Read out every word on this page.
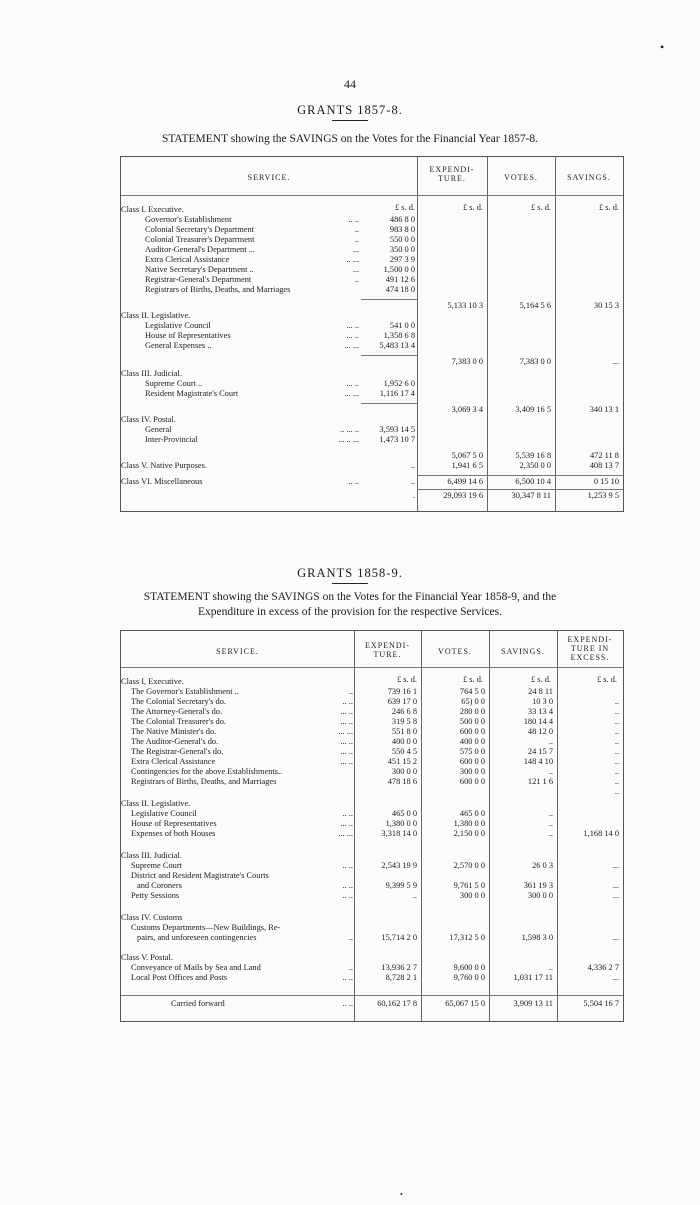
44
GRANTS 1857-8.
STATEMENT showing the SAVINGS on the Votes for the Financial Year 1857-8.
SERVICE.
EXPENDI-
TURE.	VOTES.	SAVINGS.
£ s. d.	£ s. d.	£ s. d.	£ s. d.
Class I. Executive.
Governor's Establishment	.. ..	486 8 0
Colonial Secretary's Department	..	983 8 0
Colonial Treasurer's Deparrment	..	550 0 0
Auditor-General's Department ...	...	350 0 0
Extra Clerical Assistance	.. ...	297 3 9
Native Secretary's Department ..	...	1,500 0 0
Registrar-General's Department	..	491 12 6
Registrars of Births, Deaths, and Marriages	474 18 0
5,133 10 3	5,164 5 6	30 15 3
Class II. Legislative.
Legislative Council	... ..	541 0 0
House of Representatives	... ..	1,358 6 8
General Expenses ..	... ...	5,483 13 4
7,383 0 0	7,383 0 0	...
Class III. Judicial.
Supreme Court ..	... ..	1,952 6 0
Resident Magistrate's Court	... ...	1,116 17 4
3,069 3 4	3,409 16 5	340 13 1
Class IV. Postal.
General	.. ... ..	3,593 14 5
Inter-Provincial	... .. ...	1,473 10 7
5,067 5 0	5,539 16 8	472 11 8
Class V. Native Purposes.	..	1,941 6 5	2,350 0 0	408 13 7
Class VI. Miscellaneous	.. ..	..	6,499 14 6	6,500 10 4	0 15 10
.	29,093 19 6	30,347 8 11	1,253 9 5
GRANTS 1858-9.
STATEMENT showing the SAVINGS on the Votes for the Financial Year 1858-9, and the
Expenditure in excess of the provision for the respective Services.
SERVICE.
EXPENDI-
TURE.	VOTES.	SAVINGS.
EXPENDI-
TURE IN
EXCESS.
£ s. d.	£ s. d.	£ s. d.	£ s. d.
Class I, Executive.
The Governor's Establishment ..	..	739 16 1	764 5 0	24 8 11
The Colonial Secretary's do.	.. ..	639 17 0	65) 0 0	10 3 0	..
The Attorney-General's do.	... ..	246 6 8	280 0 0	33 13 4	..
The Colonial Treasurer's do.	... ..	319 5 8	500 0 0	180 14 4	..
The Native Minister's do.	... ...	551 8 0	600 0 0	48 12 0	..
The Auditor-General's do.	... ..	400 0 0	400 0 0	..	..
The Registrar-General's do.	... ..	550 4 5	575 0 0	24 15 7	..
Extra Clerical Assistance	... ..	451 15 2	600 0 0	148 4 10	..
Contingencies for the above Establishments..	300 0 0	300 0 0	..	..
Registrars of Births, Deaths, and Marriages	478 18 6	600 0 0	121 1 6	..
..
Class II. Legislative.
Legislative Council	.. ..	465 0 0	465 0 0	..
House of Representatives	... ..	1,380 0 0	1,380 0 0	..
Expenses of both Houses	... ...	3,318 14 0	2,150 0 0	..	1,168 14 0
Class III. Judicial.
Supreme Court	.. ..	2,543 19 9	2,570 0 0	26 0 3	...
District and Resident Magistrate's Courts
and Coroners	.. ..	9,399 5 9	9,761 5 0	361 19 3	...
Petty Sessions	.. ..	..	300 0 0	300 0 0	...
Class IV. Customs
Customs Departments—New Buildings, Re-
pairs, and unforeseen contingencies	..	15,714 2 0	17,312 5 0	1,598 3 0	...
Class V. Postal.
Conveyance of Mails by Sea and Land	..	13,936 2 7	9,600 0 0	..	4,336 2 7
Local Post Offices and Posts	.. ..	8,728 2 1	9,760 0 0	1,031 17 11	...
Carried forward	.. ..	60,162 17 8	65,067 15 0	3,909 13 11	5,504 16 7
•
•
